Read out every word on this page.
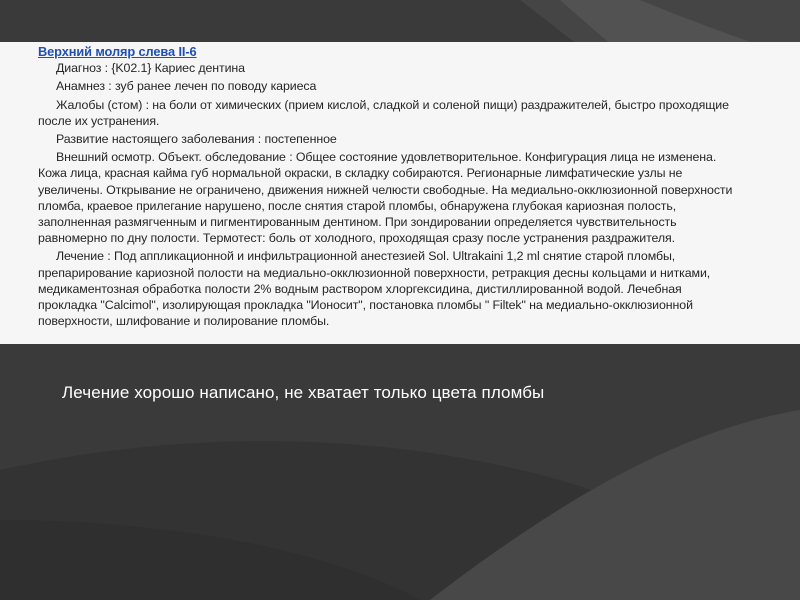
Верхний моляр слева II-6

Диагноз : {K02.1} Кариес дентина

Анамнез : зуб ранее лечен по поводу кариеса

Жалобы (стом) : на боли от химических (прием кислой, сладкой и соленой пищи) раздражителей, быстро проходящие после их устранения.

Развитие настоящего заболевания : постепенное

Внешний осмотр. Объект. обследование : Общее состояние удовлетворительное. Конфигурация лица не изменена. Кожа лица, красная кайма губ нормальной окраски, в складку собираются. Регионарные лимфатические узлы не увеличены. Открывание не ограничено, движения нижней челюсти свободные. На медиально-окклюзионной поверхности пломба, краевое прилегание нарушено, после снятия старой пломбы, обнаружена глубокая кариозная полость, заполненная размягченным и пигментированным дентином. При зондировании определяется чувствительность равномерно по дну полости. Термотест: боль от холодного, проходящая сразу после устранения раздражителя.

Лечение : Под аппликационной и инфильтрационной анестезией Sol. Ultrakaini 1,2 ml снятие старой пломбы, препарирование кариозной полости на медиально-окклюзионной поверхности, ретракция десны кольцами и нитками, медикаментозная обработка полости 2% водным раствором хлоргексидина, дистиллированной водой. Лечебная прокладка "Calcimol", изолирующая прокладка "Ионосит", постановка пломбы " Filtek" на медиально-окклюзионной поверхности, шлифование и полирование пломбы.

Лечение хорошо написано, не хватает только цвета пломбы
